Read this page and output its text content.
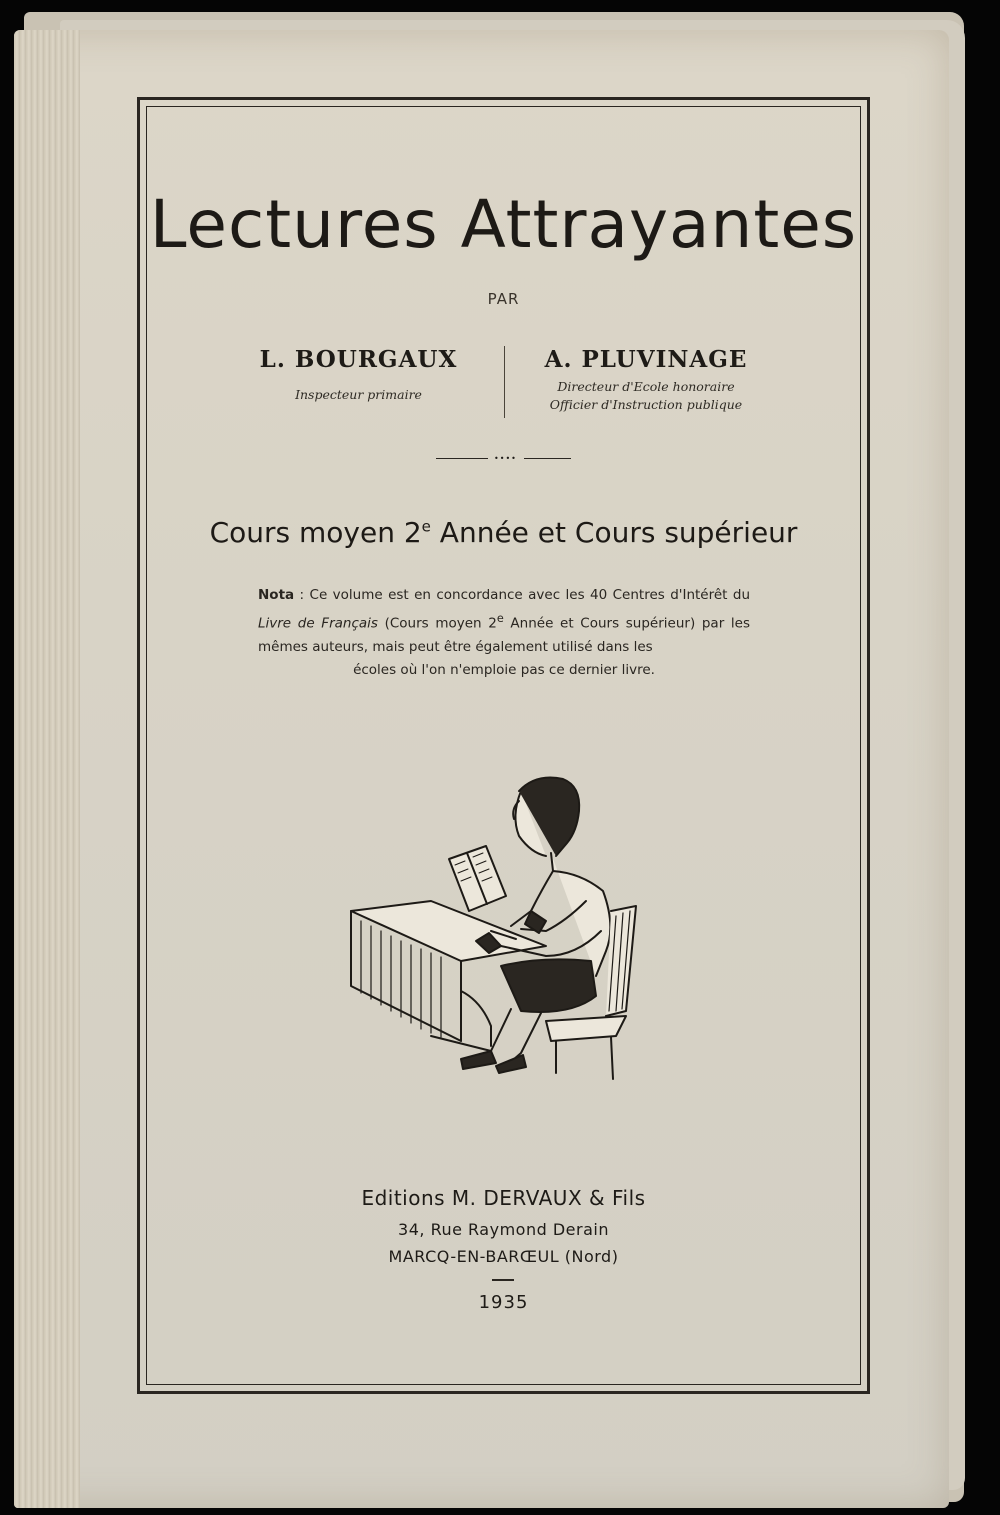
Lectures Attrayantes
PAR
L. BOURGAUX
Inspecteur primaire
A. PLUVINAGE
Directeur d'Ecole honoraire
Officier d'Instruction publique
••••
Cours moyen 2e Année et Cours supérieur
Nota : Ce volume est en concordance avec les 40 Centres d'Intérêt du Livre de Français (Cours moyen 2e Année et Cours supérieur) par les mêmes auteurs, mais peut être également utilisé dans les
écoles où l'on n'emploie pas ce dernier livre.
Editions M. DERVAUX & Fils
34, Rue Raymond Derain
MARCQ-EN-BARŒUL (Nord)
1935
